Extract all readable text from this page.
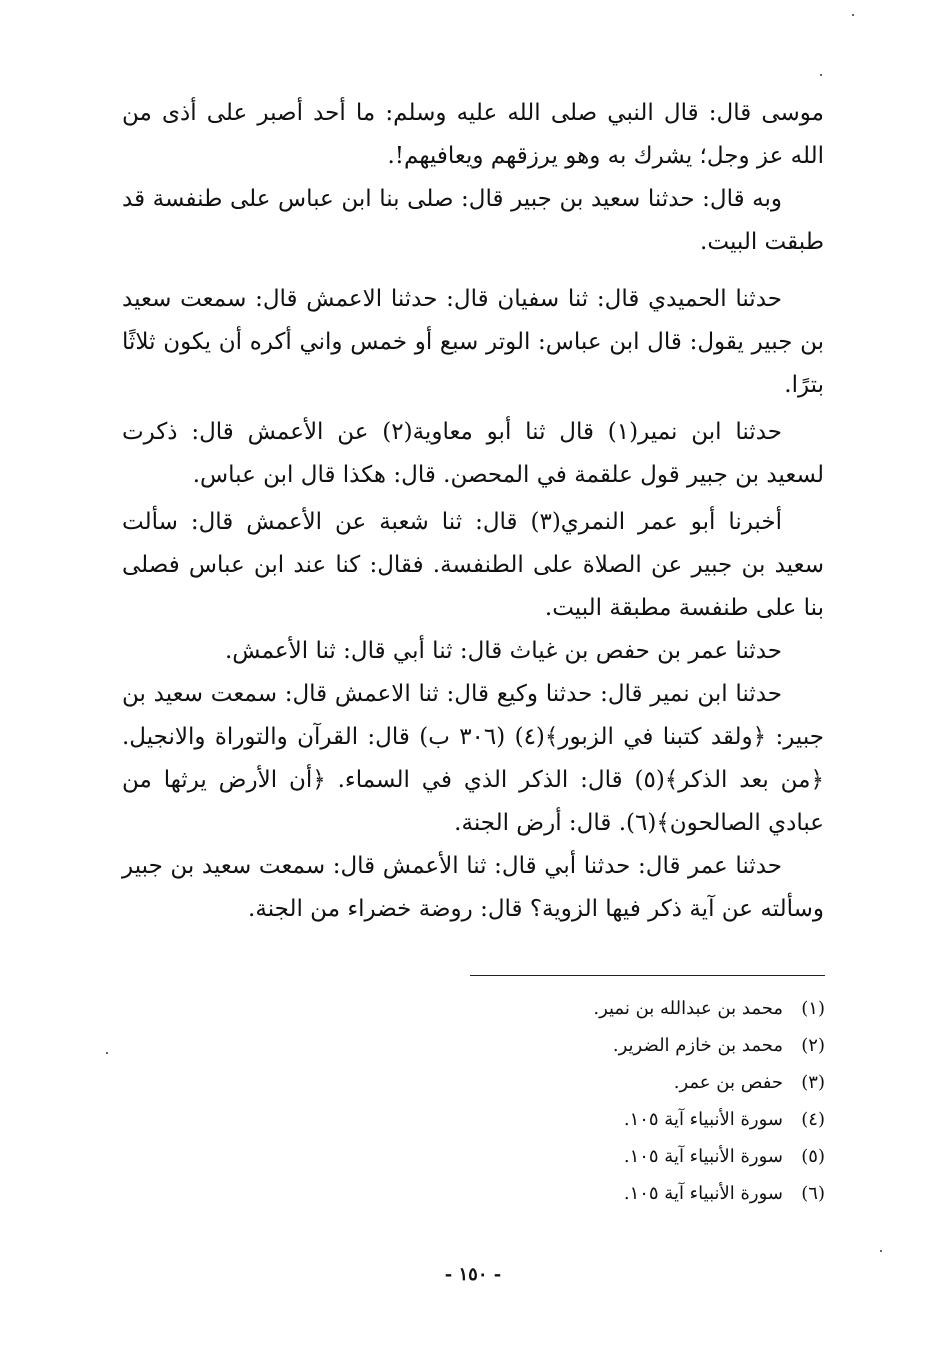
موسى قال: قال النبي صلى الله عليه وسلم: ما أحد أصبر على أذى من الله عز وجل؛ يشرك به وهو يرزقهم ويعافيهم!.

وبه قال: حدثنا سعيد بن جبير قال: صلى بنا ابن عباس على طنفسة قد طبقت البيت.

حدثنا الحميدي قال: ثنا سفيان قال: حدثنا الاعمش قال: سمعت سعيد بن جبير يقول: قال ابن عباس: الوتر سبع أو خمس واني أكره أن يكون ثلاثًا بترًا.

حدثنا ابن نمير(١) قال ثنا أبو معاوية(٢) عن الأعمش قال: ذكرت لسعيد بن جبير قول علقمة في المحصن. قال: هكذا قال ابن عباس.

أخبرنا أبو عمر النمري(٣) قال: ثنا شعبة عن الأعمش قال: سألت سعيد بن جبير عن الصلاة على الطنفسة. فقال: كنا عند ابن عباس فصلى بنا على طنفسة مطبقة البيت.

حدثنا عمر بن حفص بن غياث قال: ثنا أبي قال: ثنا الأعمش.

حدثنا ابن نمير قال: حدثنا وكيع قال: ثنا الاعمش قال: سمعت سعيد بن جبير: ﴿ولقد كتبنا في الزبور﴾(٤) (٣٠٦ ب) قال: القرآن والتوراة والانجيل. ﴿من بعد الذكر﴾(٥) قال: الذكر الذي في السماء. ﴿أن الأرض يرثها من عبادي الصالحون﴾(٦). قال: أرض الجنة.

حدثنا عمر قال: حدثنا أبي قال: ثنا الأعمش قال: سمعت سعيد بن جبير وسألته عن آية ذكر فيها الزوية؟ قال: روضة خضراء من الجنة.

(١)محمد بن عبدالله بن نمير.
(٢)محمد بن خازم الضرير.
(٣)حفص بن عمر.
(٤)سورة الأنبياء آية ١٠٥.
(٥)سورة الأنبياء آية ١٠٥.
(٦)سورة الأنبياء آية ١٠٥.
- ١٥٠ -
